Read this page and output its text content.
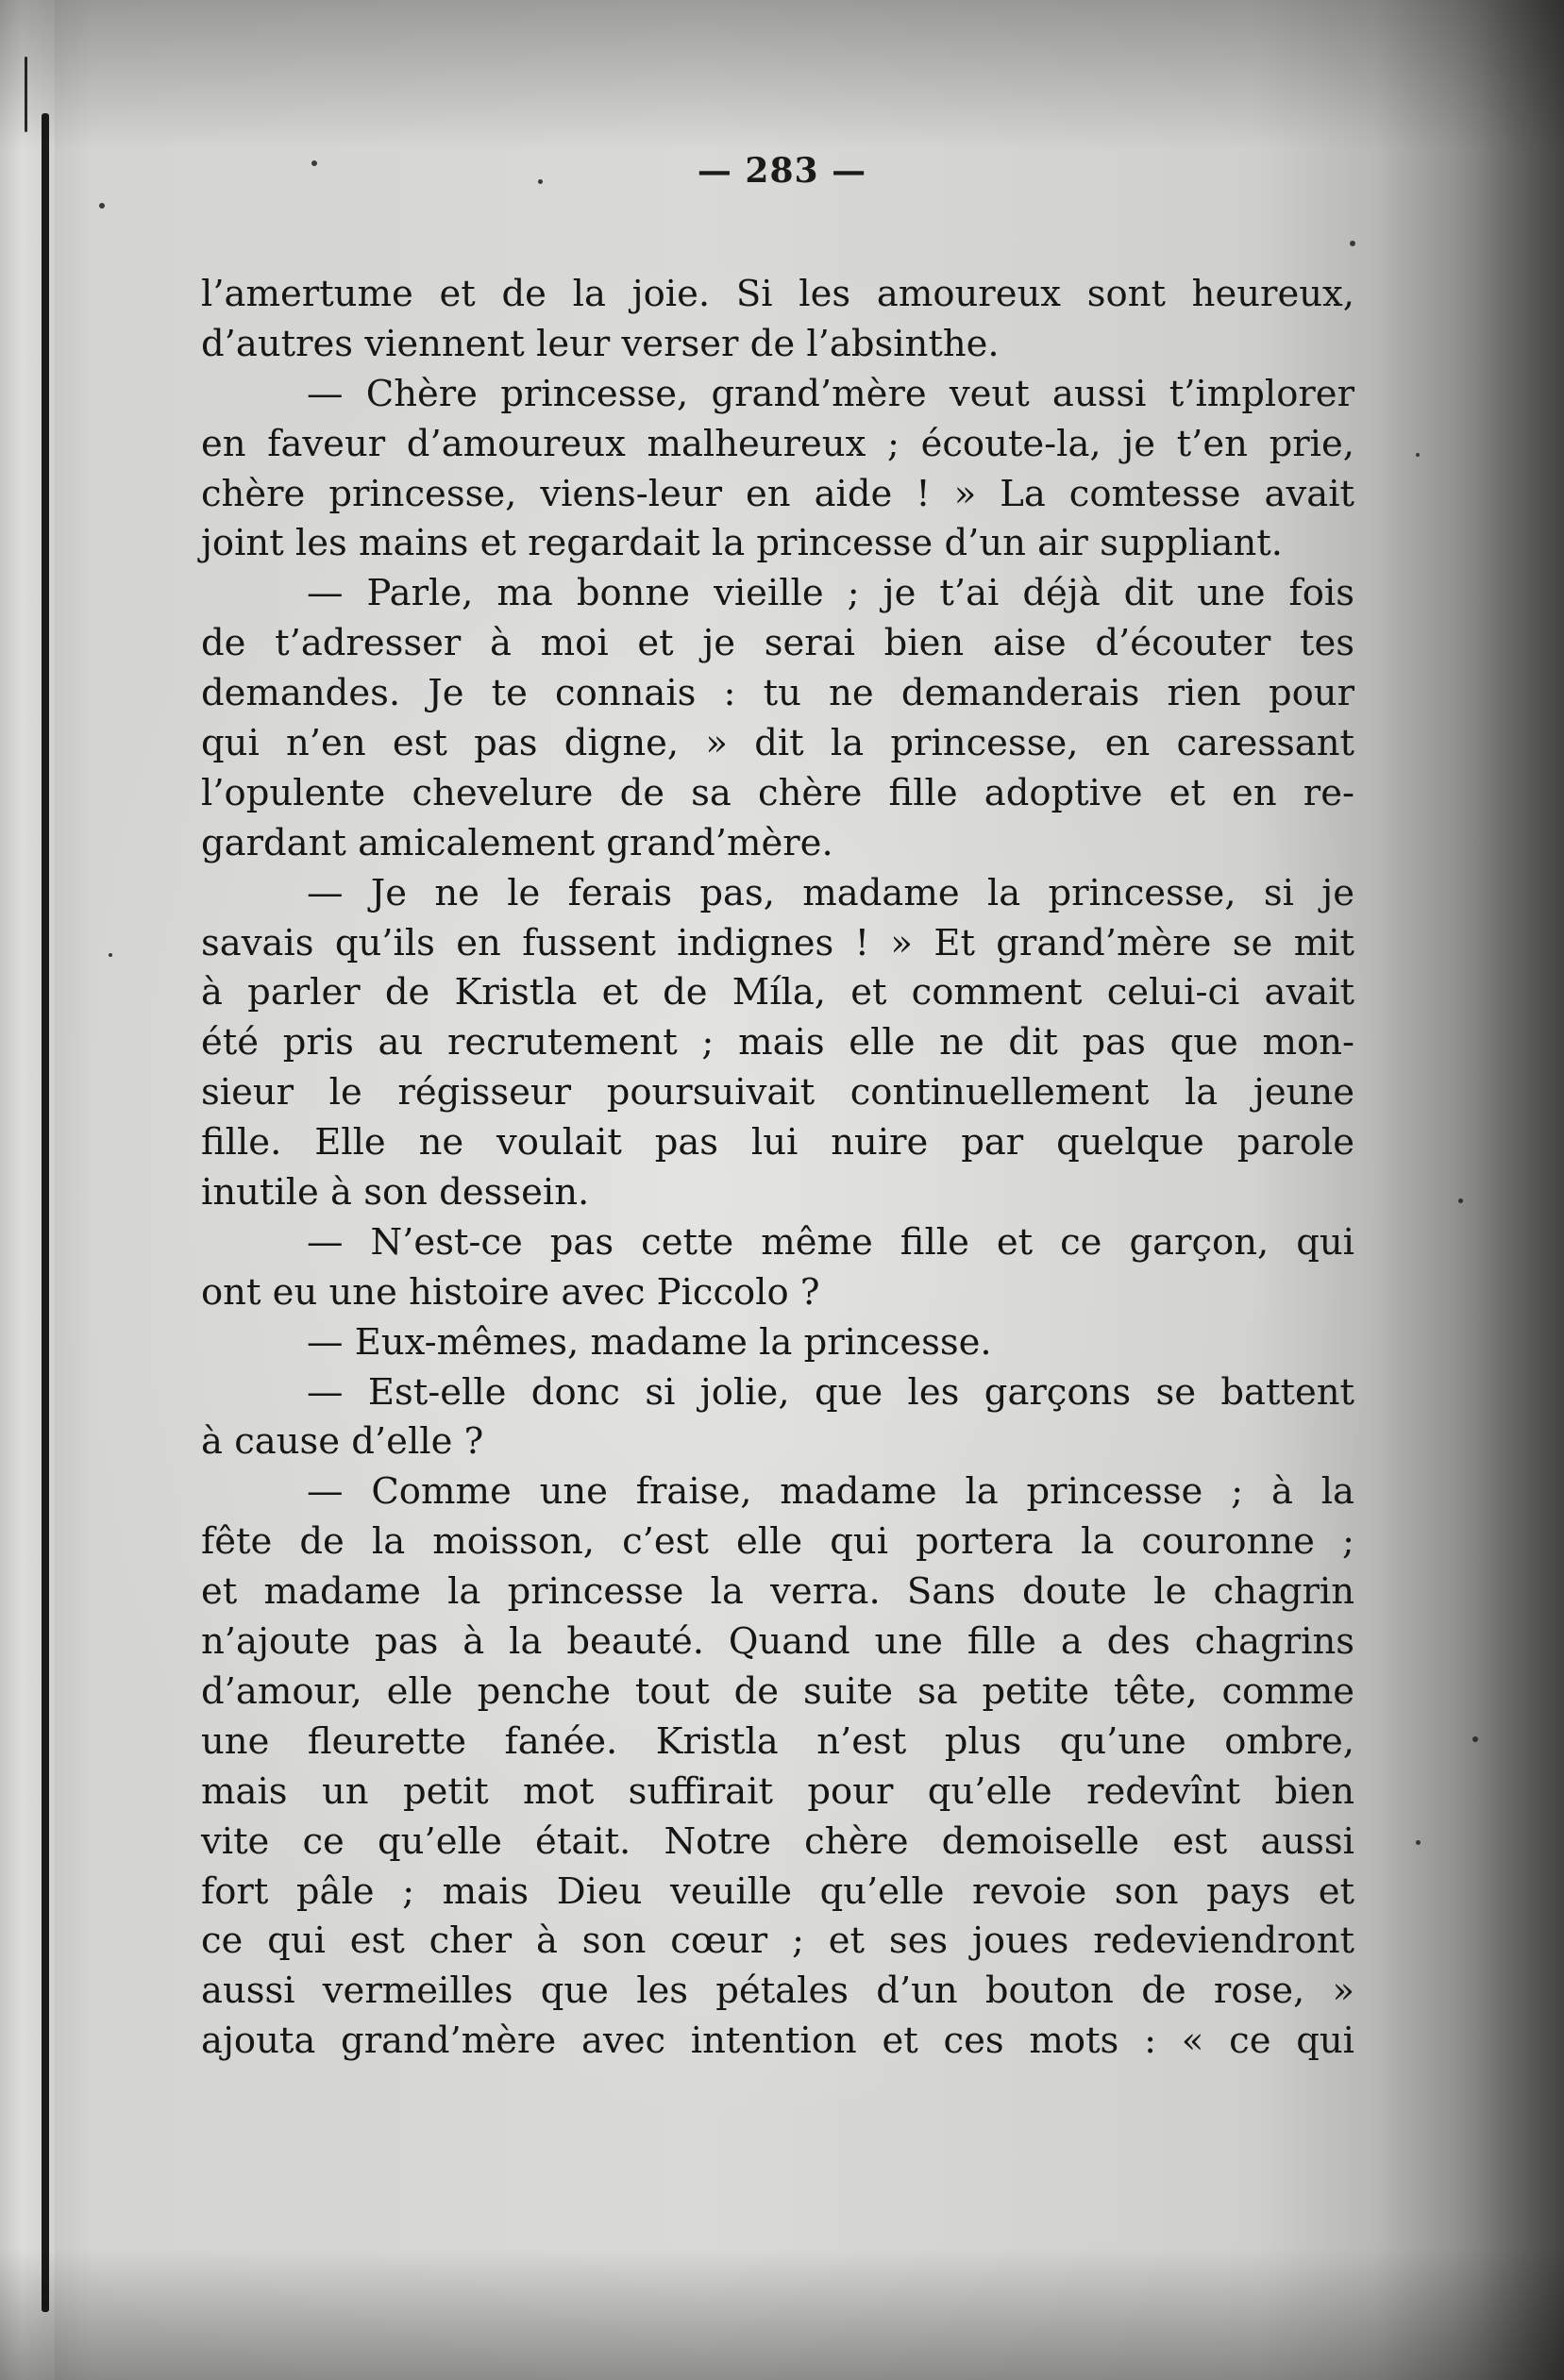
— 283 —
l’amertume et de la joie. Si les amoureux sont heureux,
d’autres viennent leur verser de l’absinthe.
— Chère princesse, grand’mère veut aussi t’implorer
en faveur d’amoureux malheureux ; écoute-la, je t’en prie,
chère princesse, viens-leur en aide ! » La comtesse avait
joint les mains et regardait la princesse d’un air suppliant.
— Parle, ma bonne vieille ; je t’ai déjà dit une fois
de t’adresser à moi et je serai bien aise d’écouter tes
demandes. Je te connais : tu ne demanderais rien pour
qui n’en est pas digne, » dit la princesse, en caressant
l’opulente chevelure de sa chère fille adoptive et en re-
gardant amicalement grand’mère.
— Je ne le ferais pas, madame la princesse, si je
savais qu’ils en fussent indignes ! » Et grand’mère se mit
à parler de Kristla et de Míla, et comment celui-ci avait
été pris au recrutement ; mais elle ne dit pas que mon-
sieur le régisseur poursuivait continuellement la jeune
fille. Elle ne voulait pas lui nuire par quelque parole
inutile à son dessein.
— N’est-ce pas cette même fille et ce garçon, qui
ont eu une histoire avec Piccolo ?
— Eux-mêmes, madame la princesse.
— Est-elle donc si jolie, que les garçons se battent
à cause d’elle ?
— Comme une fraise, madame la princesse ; à la
fête de la moisson, c’est elle qui portera la couronne ;
et madame la princesse la verra. Sans doute le chagrin
n’ajoute pas à la beauté. Quand une fille a des chagrins
d’amour, elle penche tout de suite sa petite tête, comme
une fleurette fanée. Kristla n’est plus qu’une ombre,
mais un petit mot suffirait pour qu’elle redevînt bien
vite ce qu’elle était. Notre chère demoiselle est aussi
fort pâle ; mais Dieu veuille qu’elle revoie son pays et
ce qui est cher à son cœur ; et ses joues redeviendront
aussi vermeilles que les pétales d’un bouton de rose, »
ajouta grand’mère avec intention et ces mots : « ce qui
